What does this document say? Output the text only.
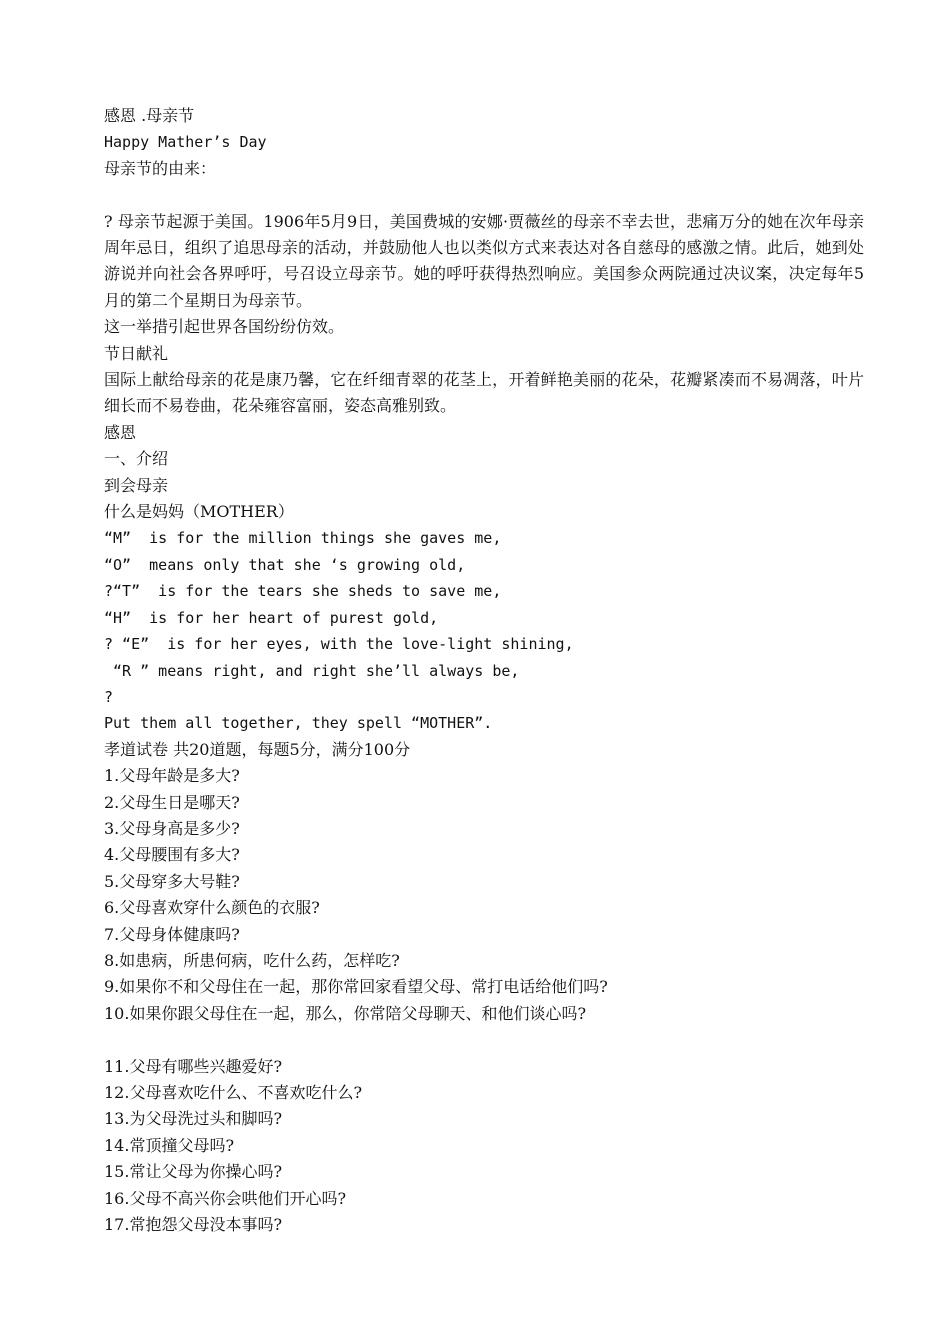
感恩 .母亲节
Happy Mather’s Day
母亲节的由来：
? 母亲节起源于美国。1906年5月9日，美国费城的安娜·贾薇丝的母亲不幸去世，悲痛万分的她在次年母亲周年忌日，组织了追思母亲的活动，并鼓励他人也以类似方式来表达对各自慈母的感激之情。此后，她到处游说并向社会各界呼吁，号召设立母亲节。她的呼吁获得热烈响应。美国参众两院通过决议案，决定每年5月的第二个星期日为母亲节。
这一举措引起世界各国纷纷仿效。
节日献礼
国际上献给母亲的花是康乃馨，它在纤细青翠的花茎上，开着鲜艳美丽的花朵，花瓣紧凑而不易凋落，叶片细长而不易卷曲，花朵雍容富丽，姿态高雅别致。
感恩
一、介绍
到会母亲
什么是妈妈（MOTHER）
“M”  is for the million things she gaves me,
“O”  means only that she ‘s growing old,
?“T”  is for the tears she sheds to save me,
“H”  is for her heart of purest gold,
? “E”  is for her eyes, with the love-light shining,
“R ” means right, and right she’ll always be,
?
Put them all together, they spell “MOTHER”.
孝道试卷 共20道题，每题5分，满分100分
1.父母年龄是多大?
2.父母生日是哪天?
3.父母身高是多少?
4.父母腰围有多大?
5.父母穿多大号鞋?
6.父母喜欢穿什么颜色的衣服?
7.父母身体健康吗?
8.如患病，所患何病，吃什么药，怎样吃?
9.如果你不和父母住在一起，那你常回家看望父母、常打电话给他们吗?
10.如果你跟父母住在一起，那么，你常陪父母聊天、和他们谈心吗?
11.父母有哪些兴趣爱好?
12.父母喜欢吃什么、不喜欢吃什么?
13.为父母洗过头和脚吗?
14.常顶撞父母吗?
15.常让父母为你操心吗?
16.父母不高兴你会哄他们开心吗?
17.常抱怨父母没本事吗?
